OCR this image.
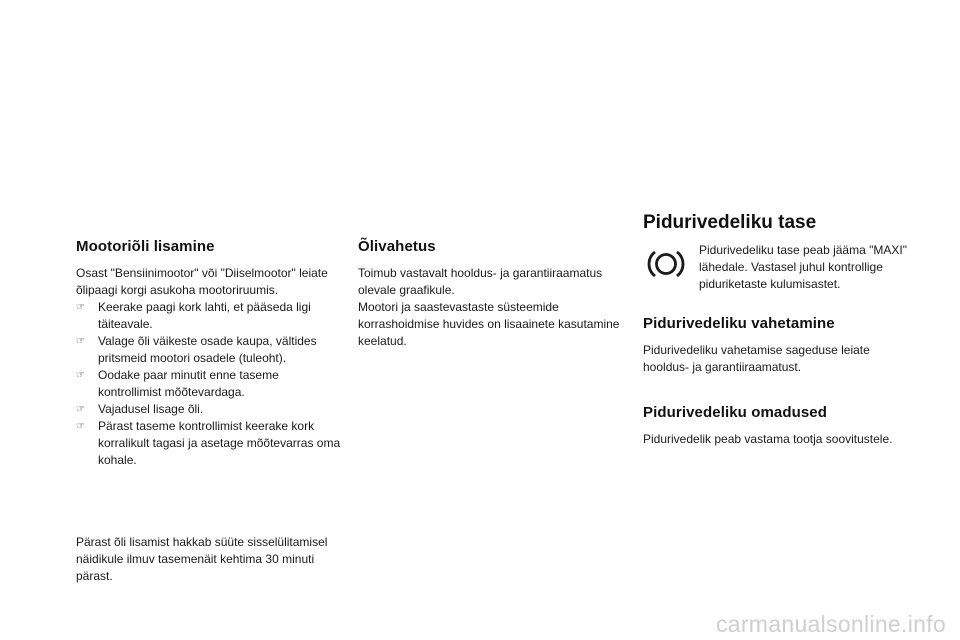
Mootoriõli lisamine

Osast "Bensiinimootor" või "Diiselmootor" leiate õlipaagi korgi asukoha mootoriruumis.

☞	Keerake paagi kork lahti, et pääseda ligi täiteavale.
☞	Valage õli väikeste osade kaupa, vältides pritsmeid mootori osadele (tuleoht).
☞	Oodake paar minutit enne taseme kontrollimist mõõtevardaga.
☞	Vajadusel lisage õli.
☞	Pärast taseme kontrollimist keerake kork korralikult tagasi ja asetage mõõtevarras oma kohale.

Pärast õli lisamist hakkab süüte sisselülitamisel näidikule ilmuv tasemenäit kehtima 30 minuti pärast.

Õlivahetus

Toimub vastavalt hooldus- ja garantiiraamatus olevale graafikule.

Mootori ja saastevastaste süsteemide korrashoidmise huvides on lisaainete kasutamine keelatud.

Pidurivedeliku tase

Pidurivedeliku tase peab jääma "MAXI" lähedale. Vastasel juhul kontrollige piduriketaste kulumisastet.

Pidurivedeliku vahetamine

Pidurivedeliku vahetamise sageduse leiate hooldus- ja garantiiraamatust.

Pidurivedeliku omadused

Pidurivedelik peab vastama tootja soovitustele.

carmanualsonline.info
